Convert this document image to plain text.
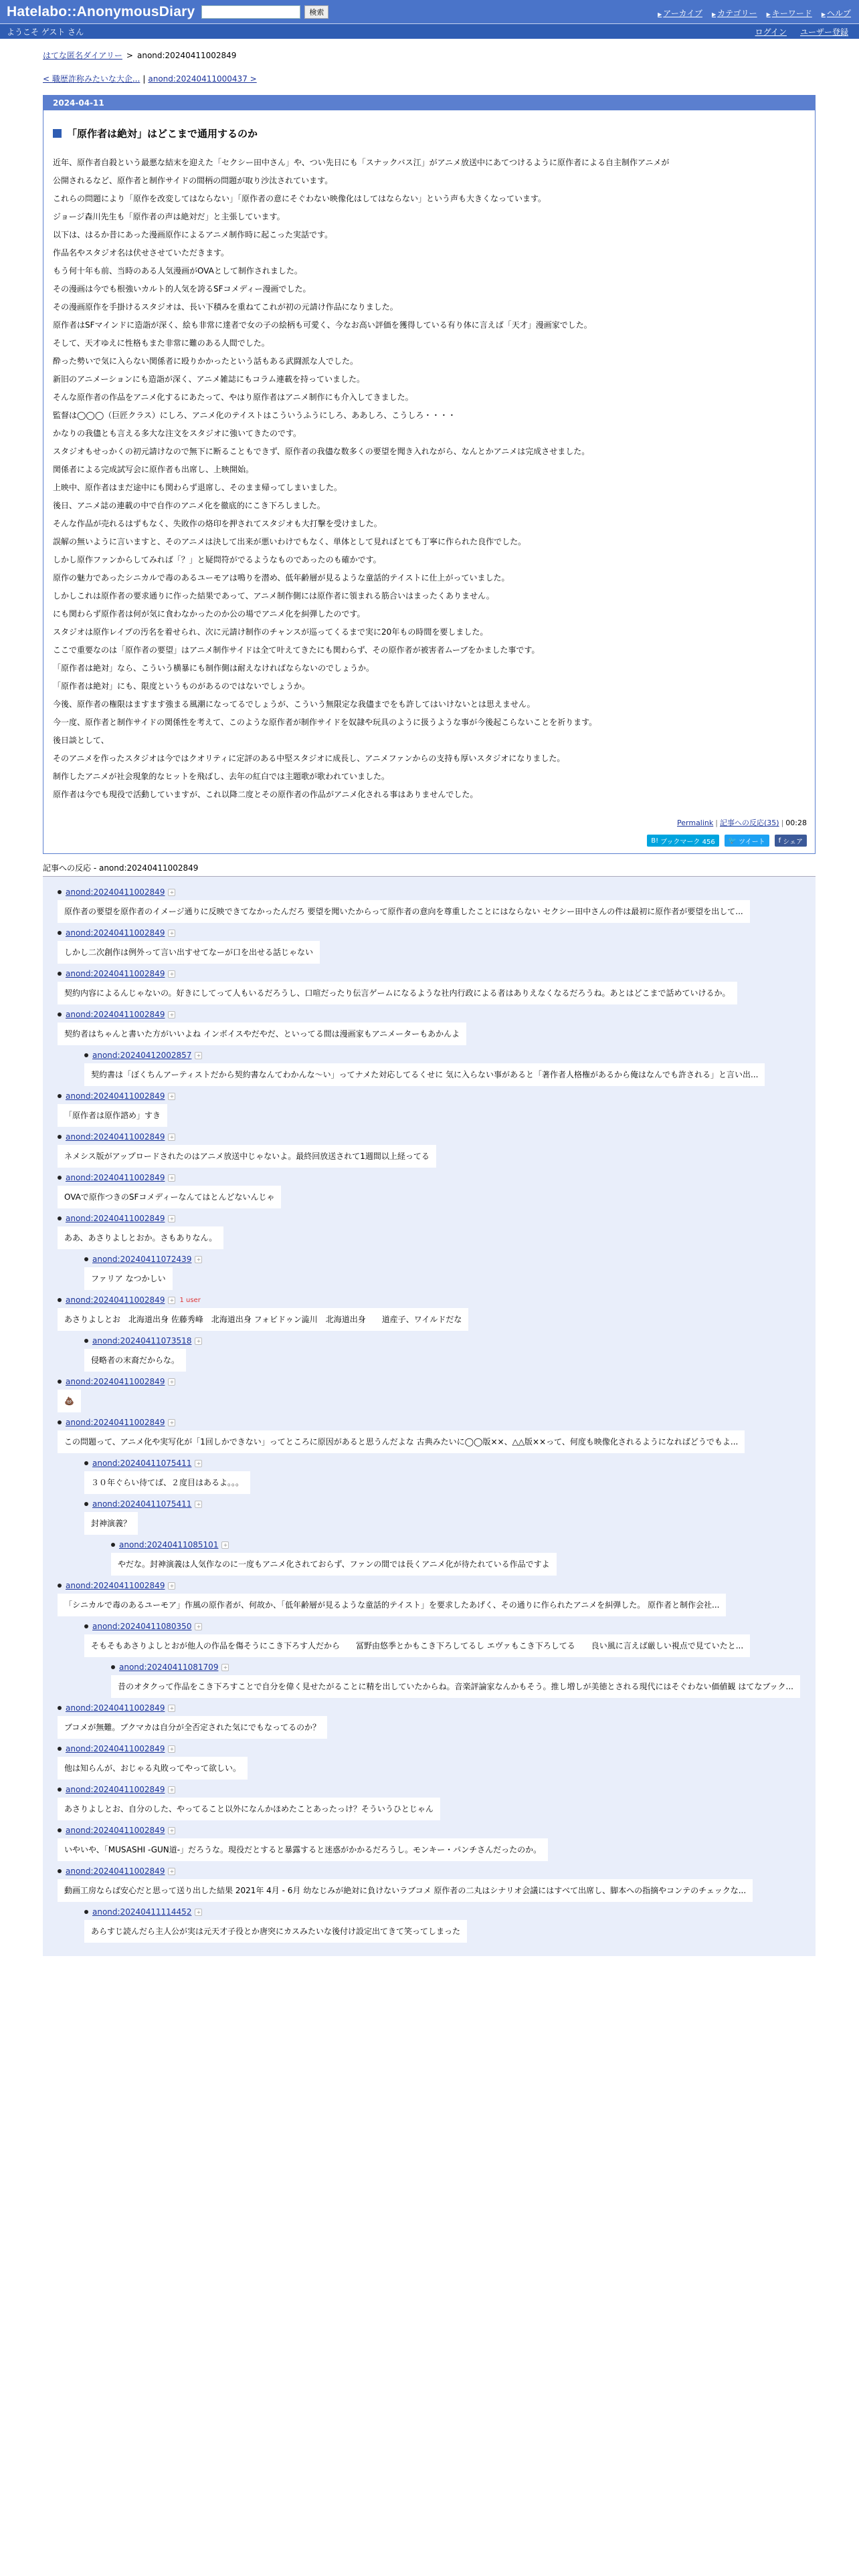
Hatelabo::AnonymousDiary	検索	▶ アーカイブ ▶ カテゴリー ▶ キーワード ▶ ヘルプ
ようこそ ゲスト さん	ログイン ユーザー登録
はてな匿名ダイアリー > anond:20240411002849
< 職歴詐称みたいな大企... | anond:20240411000437 >
2024-04-11
「原作者は絶対」はどこまで通用するのか

近年、原作者自殺という最悪な結末を迎えた「セクシー田中さん」や、つい先日にも「スナックバス江」がアニメ放送中にあてつけるように原作者による自主制作アニメが

公開されるなど、原作者と制作サイドの間柄の問題が取り沙汰されています。

これらの問題により「原作を改変してはならない」「原作者の意にそぐわない映像化はしてはならない」という声も大きくなっています。

ジョージ森川先生も「原作者の声は絶対だ」と主張しています。

以下は、はるか昔にあった漫画原作によるアニメ制作時に起こった実話です。

作品名やスタジオ名は伏せさせていただきます。

もう何十年も前、当時のある人気漫画がOVAとして制作されました。

その漫画は今でも根強いカルト的人気を誇るSFコメディー漫画でした。

その漫画原作を手掛けるスタジオは、長い下積みを重ねてこれが初の元請け作品になりました。

原作者はSFマインドに造詣が深く、絵も非常に達者で女の子の絵柄も可愛く、今なお高い評価を獲得している有り体に言えば「天才」漫画家でした。

そして、天才ゆえに性格もまた非常に難のある人間でした。

酔った勢いで気に入らない関係者に殴りかかったという話もある武闘派な人でした。

新旧のアニメーションにも造詣が深く、アニメ雑誌にもコラム連載を持っていました。

そんな原作者の作品をアニメ化するにあたって、やはり原作者はアニメ制作にも介入してきました。

監督は◯◯◯（巨匠クラス）にしろ、アニメ化のテイストはこういうふうにしろ、ああしろ、こうしろ・・・・

かなりの我儘とも言える多大な注文をスタジオに強いてきたのです。

スタジオもせっかくの初元請けなので無下に断ることもできず、原作者の我儘な数多くの要望を聞き入れながら、なんとかアニメは完成させました。

関係者による完成試写会に原作者も出席し、上映開始。

上映中、原作者はまだ途中にも関わらず退席し、そのまま帰ってしまいました。

後日、アニメ誌の連載の中で自作のアニメ化を徹底的にこき下ろしました。

そんな作品が売れるはずもなく、失敗作の烙印を押されてスタジオも大打撃を受けました。

誤解の無いように言いますと、そのアニメは決して出来が悪いわけでもなく、単体として見ればとても丁寧に作られた良作でした。

しかし原作ファンからしてみれば「？」と疑問符がでるようなものであったのも確かです。

原作の魅力であったシニカルで毒のあるユーモアは鳴りを潜め、低年齢層が見るような童話的テイストに仕上がっていました。

しかしこれは原作者の要求通りに作った結果であって、アニメ制作側には原作者に領まれる筋合いはまったくありません。

にも関わらず原作者は何が気に食わなかったのか公の場でアニメ化を糾弾したのです。

スタジオは原作レイプの汚名を着せられ、次に元請け制作のチャンスが巡ってくるまで実に20年もの時間を要しました。

ここで重要なのは「原作者の要望」はアニメ制作サイドは全て叶えてきたにも関わらず、その原作者が被害者ムーブをかました事です。

「原作者は絶対」なら、こういう横暴にも制作側は耐えなければならないのでしょうか。

「原作者は絶対」にも、限度というものがあるのではないでしょうか。

今後、原作者の権限はますます強まる風潮になってるでしょうが、こういう無限定な我儘までをも許してはいけないとは思えません。

今一度、原作者と制作サイドの関係性を考えて、このような原作者が制作サイドを奴隷や玩具のように扱うような事が今後起こらないことを祈ります。

後日談として、

そのアニメを作ったスタジオは今ではクオリティに定評のある中堅スタジオに成長し、アニメファンからの支持も厚いスタジオになりました。

制作したアニメが社会現象的なヒットを飛ばし、去年の紅白では主題歌が歌われていました。

原作者は今でも現役で活動していますが、これ以降二度とその原作者の作品がアニメ化される事はありませんでした。

Permalink | 記事への反応(35) | 00:28
B! ブックマーク 456 🐦 ツイート f シェア
記事への反応 - anond:20240411002849
anond:20240411002849 +
原作者の要望を原作者のイメージ通りに反映できてなかったんだろ 要望を聞いたからって原作者の意向を尊重したことにはならない セクシー田中さんの件は最初に原作者が要望を出して...
anond:20240411002849 +
しかし二次創作は例外って言い出すせてなーが口を出せる話じゃない
anond:20240411002849 +
契約内容によるんじゃないの。好きにしてって人もいるだろうし、口喧だったり伝言ゲームになるような社内行政による者はありえなくなるだろうね。あとはどこまで話めていけるか。
anond:20240411002849 +
契約者はちゃんと書いた方がいいよね インボイスやだやだ、といってる間は漫画家もアニメーターもあかんよ
anond:20240412002857 +
契約書は「ぼくちんアーティストだから契約書なんてわかんな～い」ってナメた対応してるくせに 気に入らない事があると「著作者人格権があるから俺はなんでも許される」と言い出...
anond:20240411002849 +
「原作者は原作諮め」すき
anond:20240411002849 +
ネメシス版がアップロードされたのはアニメ放送中じゃないよ。最終回放送されて1週間以上経ってる
anond:20240411002849 +
OVAで原作つきのSFコメディーなんてはとんどないんじゃ
anond:20240411002849 +
ああ、あさりよしとおか。さもありなん。
anond:20240411072439 +
ファリア なつかしい
anond:20240411002849 + 1 user
あさりよしとお　北海道出身 佐藤秀峰　北海道出身 フォビドゥン澁川　北海道出身　　道産子、ワイルドだな
anond:20240411073518 +
侵略者の末裔だからな。
anond:20240411002849 +
💩
anond:20240411002849 +
この問題って、アニメ化や実写化が「1回しかできない」ってところに原因があると思うんだよな 古典みたいに◯◯版××、△△版××って、何度も映像化されるようになればどうでもよ...
anond:20240411075411 +
３０年ぐらい待てば、２度目はあるよ。。。
anond:20240411075411 +
封神演義？
anond:20240411085101 +
やだな。封神演義は人気作なのに一度もアニメ化されておらず、ファンの間では長くアニメ化が待たれている作品ですよ
anond:20240411002849 +
「シニカルで毒のあるユーモア」作風の原作者が、何故か、「低年齢層が見るような童話的テイスト」を要求したあげく、その通りに作られたアニメを糾弾した。 原作者と制作会社...
anond:20240411080350 +
そもそもあさりよしとおが他人の作品を傷そうにこき下ろす人だから　　冨野由悠季とかもこき下ろしてるし エヴァもこき下ろしてる　　良い風に言えば厳しい視点で見ていたと...
anond:20240411081709 +
昔のオタクって作品をこき下ろすことで自分を偉く見せたがることに精を出していたからね。音楽評論家なんかもそう。推し増しが美徳とされる現代にはそぐわない価値観 はてなブック...
anond:20240411002849 +
ブコメが無難。ブクマカは自分が全否定された気にでもなってるのか？
anond:20240411002849 +
他は知らんが、おじゃる丸敗ってやって欲しい。
anond:20240411002849 +
あさりよしとお、自分のした、やってること以外になんかほめたことあったっけ？そういうひとじゃん
anond:20240411002849 +
いやいや、「MUSASHI -GUN道-」だろうな。現役だとすると暴露すると迷惑がかかるだろうし。モンキー・パンチさんだったのか。
anond:20240411002849 +
動画工房ならば安心だと思って送り出した結果 2021年 4月 - 6月 幼なじみが絶対に負けないラブコメ 原作者の二丸はシナリオ会議にはすべて出席し、脚本への指摘やコンテのチェックな...
anond:20240411114452 +
あらすじ読んだら主人公が実は元天才子役とか唐突にカスみたいな後付け設定出てきて笑ってしまった
